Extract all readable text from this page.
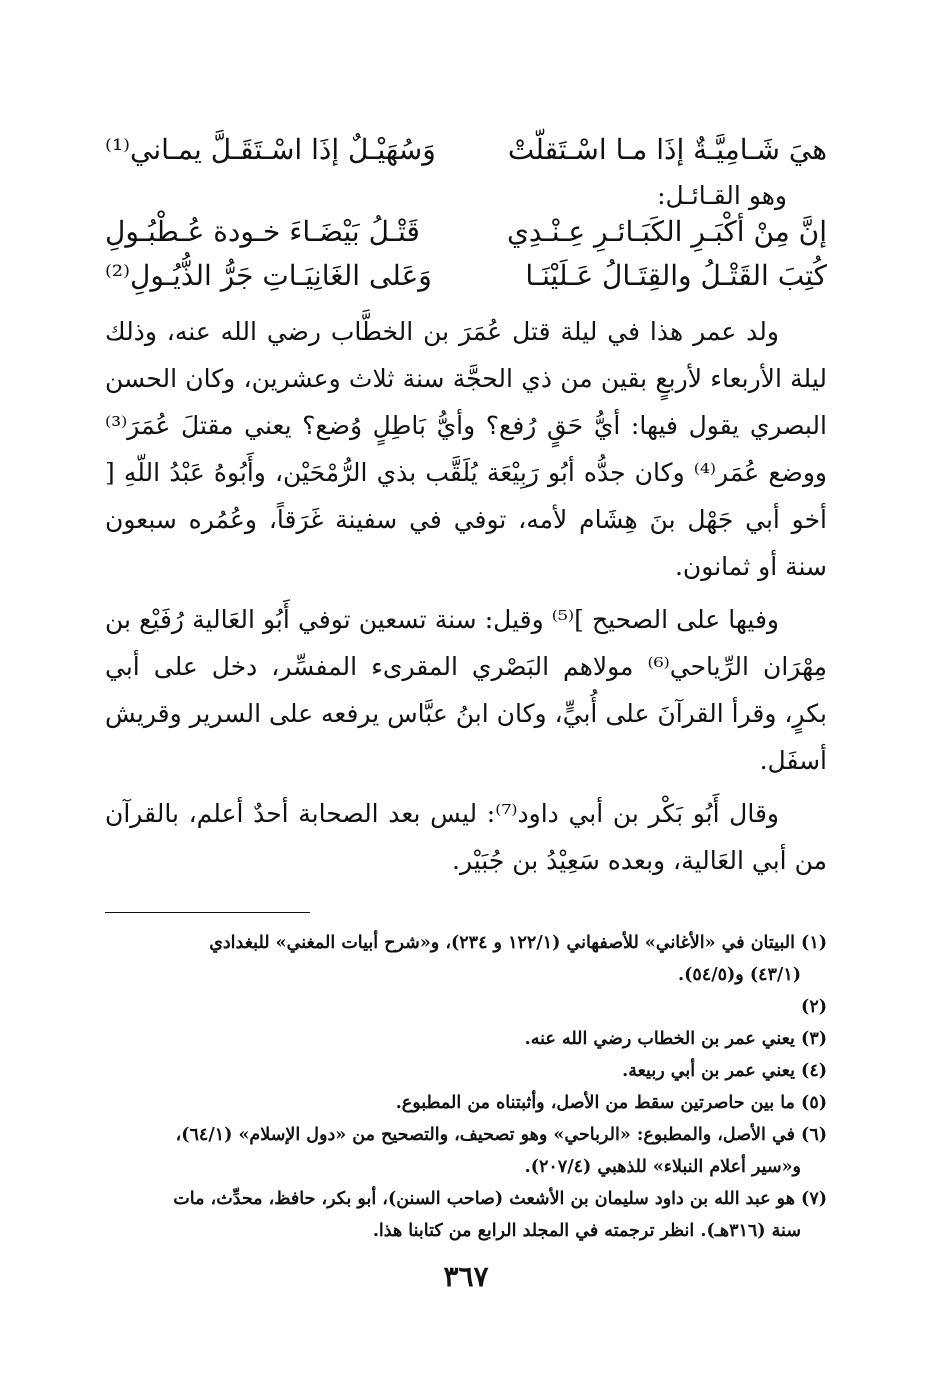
هيَ شَـامِيَّـةٌ إذَا مـا اسْـتَقلّتْ
وَسُهَيْـلٌ إذَا اسْـتَقَـلَّ يمـاني⁽¹⁾
وهو القـائـل:
إنَّ مِنْ أكْبَـرِ الكَبَـائـرِ عِـنْـدِي
قَتْـلُ بَيْضَـاءَ خـودة عُـطْبُـولِ
كُتِبَ القَتْـلُ والقِتَـالُ عَـلَيْنَـا
وَعَلى الغَانِيَـاتِ جَرُّ الذُّيُـولِ⁽²⁾

ولد عمر هذا في ليلة قتل عُمَرَ بن الخطَّاب رضي الله عنه، وذلك ليلة الأربعاء لأربعٍ بقين من ذي الحجَّة سنة ثلاث وعشرين، وكان الحسن البصري يقول فيها: أيُّ حَقٍ رُفع؟ وأيُّ بَاطِلٍ وُضع؟ يعني مقتلَ عُمَرَ⁽³⁾ ووضع عُمَر⁽⁴⁾ وكان جدُّه أبُو رَبِيْعَة يُلَقَّب بذي الرُّمْحَيْن، وأَبُوهُ عَبْدُ اللّهِ [ أخو أبي جَهْل بنَ هِشَام لأمه، توفي في سفينة غَرَقاً، وعُمُره سبعون سنة أو ثمانون.

وفيها على الصحيح ]⁽⁵⁾ وقيل: سنة تسعين توفي أَبُو العَالية رُفَيْع بن مِهْرَان الرِّياحي⁽⁶⁾ مولاهم البَصْري المقرىء المفسِّر، دخل على أبي بكرٍ، وقرأ القرآنَ على أُبيٍّ، وكان ابنُ عبَّاس يرفعه على السرير وقريش أسفَل.

وقال أَبُو بَكْر بن أبي داود⁽⁷⁾: ليس بعد الصحابة أحدٌ أعلم، بالقرآن من أبي العَالية، وبعده سَعِيْدُ بن جُبَيْر.

(١) البيتان في «الأغاني» للأصفهاني (١٢٢/١ و ٢٣٤)، و«شرح أبيات المغني» للبغدادي
(٤٣/١) و(٥٤/٥).
(٢)
(٣) يعني عمر بن الخطاب رضي الله عنه.
(٤) يعني عمر بن أبي ربيعة.
(٥) ما بين حاصرتين سقط من الأصل، وأثبتناه من المطبوع.
(٦) في الأصل، والمطبوع: «الرباحي» وهو تصحيف، والتصحيح من «دول الإسلام» (٦٤/١)،
و«سير أعلام النبلاء» للذهبي (٢٠٧/٤).
(٧) هو عبد الله بن داود سليمان بن الأشعث (صاحب السنن)، أبو بكر، حافظ، محدِّث، مات
سنة (٣١٦هـ). انظر ترجمته في المجلد الرابع من كتابنا هذا.
٣٦٧
